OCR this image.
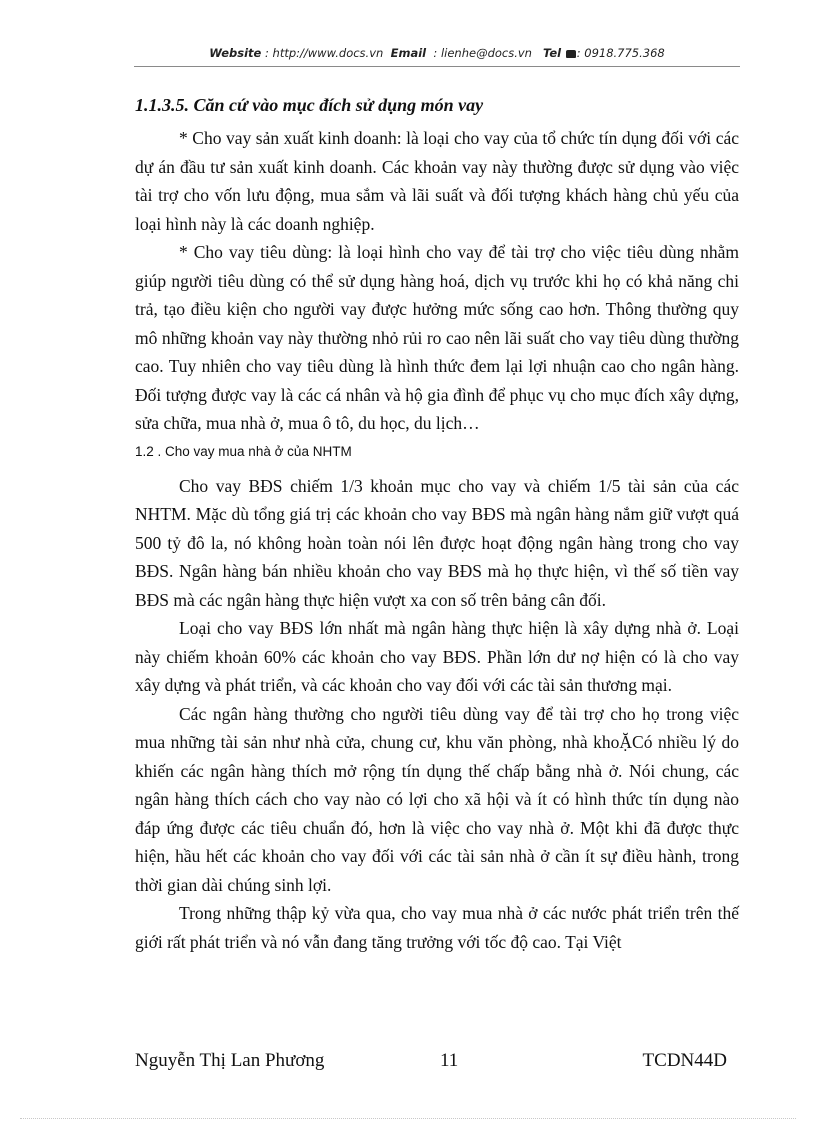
Website : http://www.docs.vn Email  : lienhe@docs.vn Tel : 0918.775.368
1.1.3.5. Căn cứ vào mục đích sử dụng món vay

* Cho vay sản xuất kinh doanh: là loại cho vay của tổ chức tín dụng đối với các dự án đầu tư sản xuất kinh doanh. Các khoản vay này thường được sử dụng vào việc tài trợ cho vốn lưu động, mua sắm và lãi suất và đối tượng khách hàng chủ yếu của loại hình này là các doanh nghiệp.

* Cho vay tiêu dùng: là loại hình cho vay để tài trợ cho việc tiêu dùng nhằm giúp người tiêu dùng có thể sử dụng hàng hoá, dịch vụ trước khi họ có khả năng chi trả, tạo điều kiện cho người vay được hưởng mức sống cao hơn. Thông thường quy mô những khoản vay này thường nhỏ rủi ro cao nên lãi suất cho vay tiêu dùng thường cao. Tuy nhiên cho vay tiêu dùng là hình thức đem lại lợi nhuận cao cho ngân hàng. Đối tượng được vay là các cá nhân và hộ gia đình để phục vụ cho mục đích xây dựng, sửa chữa, mua nhà ở, mua ô tô, du học, du lịch…

1.2 . Cho vay mua nhà ở của NHTM

Cho vay BĐS chiếm 1/3 khoản mục cho vay và chiếm 1/5 tài sản của các NHTM. Mặc dù tổng giá trị các khoản cho vay BĐS mà ngân hàng nắm giữ vượt quá 500 tỷ đô la, nó không hoàn toàn nói lên được hoạt động ngân hàng trong cho vay BĐS. Ngân hàng bán nhiều khoản cho vay BĐS mà họ thực hiện, vì thế số tiền vay BĐS mà các ngân hàng thực hiện vượt xa con số trên bảng cân đối.

Loại cho vay BĐS lớn nhất mà ngân hàng thực hiện là xây dựng nhà ở. Loại này chiếm khoản 60% các khoản cho vay BĐS. Phần lớn dư nợ hiện có là cho vay xây dựng và phát triển, và các khoản cho vay đối với các tài sản thương mại.

Các ngân hàng thường cho người tiêu dùng vay để tài trợ cho họ trong việc mua những tài sản như nhà cửa, chung cư, khu văn phòng, nhà khoẶCó nhiều lý do khiến các ngân hàng thích mở rộng tín dụng thế chấp bằng nhà ở. Nói chung, các ngân hàng thích cách cho vay nào có lợi cho xã hội và ít có hình thức tín dụng nào đáp ứng được các tiêu chuẩn đó, hơn là việc cho vay nhà ở. Một khi đã được thực hiện, hầu hết các khoản cho vay đối với các tài sản nhà ở cần ít sự điều hành, trong thời gian dài chúng sinh lợi.

Trong những thập kỷ vừa qua, cho vay mua nhà ở các nước phát triển trên thế giới rất phát triển và nó vẫn đang tăng trưởng với tốc độ cao. Tại Việt

Nguyễn Thị Lan Phương	11	TCDN44D
